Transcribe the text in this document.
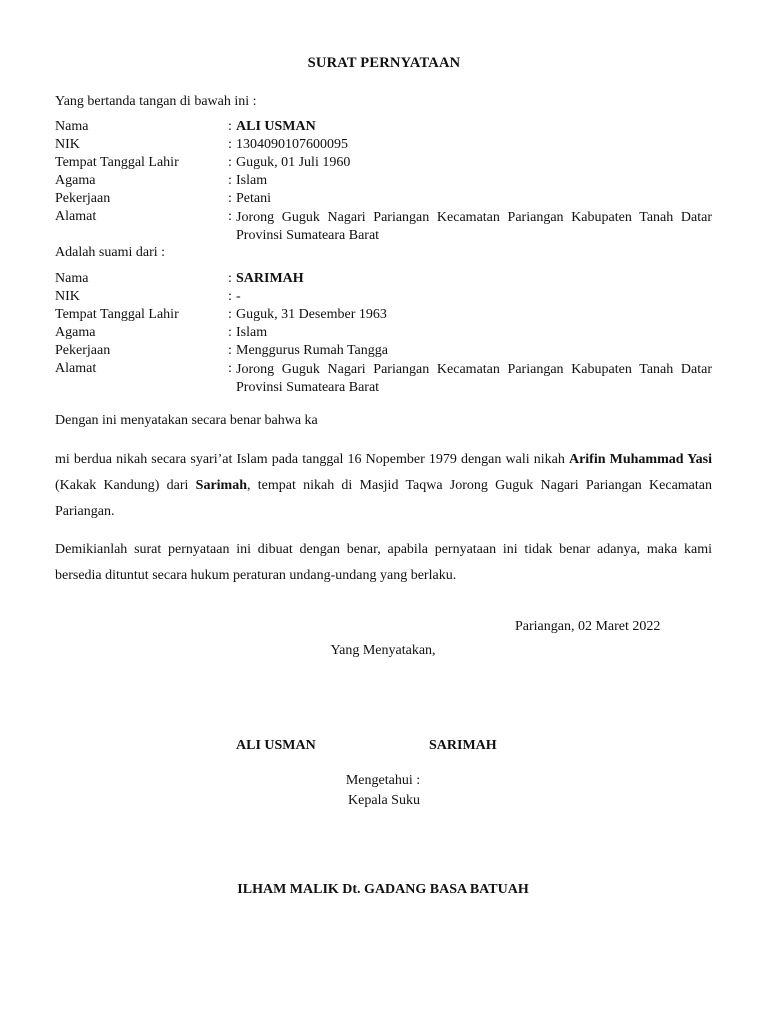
SURAT PERNYATAAN
Yang bertanda tangan di bawah ini :
Nama	: ALI USMAN
NIK	: 1304090107600095
Tempat Tanggal Lahir	: Guguk, 01 Juli 1960
Agama	: Islam
Pekerjaan	: Petani
Alamat	: Jorong Guguk Nagari Pariangan Kecamatan Pariangan Kabupaten Tanah Datar Provinsi Sumateara Barat
Adalah suami dari :
Nama	: SARIMAH
NIK	: -
Tempat Tanggal Lahir	: Guguk, 31 Desember 1963
Agama	: Islam
Pekerjaan	: Menggurus Rumah Tangga
Alamat	: Jorong Guguk Nagari Pariangan Kecamatan Pariangan Kabupaten Tanah Datar Provinsi Sumateara Barat
Dengan ini menyatakan secara benar bahwa ka
mi berdua nikah secara syari’at Islam pada tanggal 16 Nopember 1979 dengan wali nikah Arifin Muhammad Yasi (Kakak Kandung) dari Sarimah, tempat nikah di Masjid Taqwa Jorong Guguk Nagari Pariangan Kecamatan Pariangan.
Demikianlah surat pernyataan ini dibuat dengan benar, apabila pernyataan ini tidak benar adanya, maka kami bersedia dituntut secara hukum peraturan undang-undang yang berlaku.
Pariangan, 02 Maret 2022
Yang Menyatakan,
ALI USMAN	SARIMAH
Mengetahui :
Kepala Suku
ILHAM MALIK Dt. GADANG BASA BATUAH
